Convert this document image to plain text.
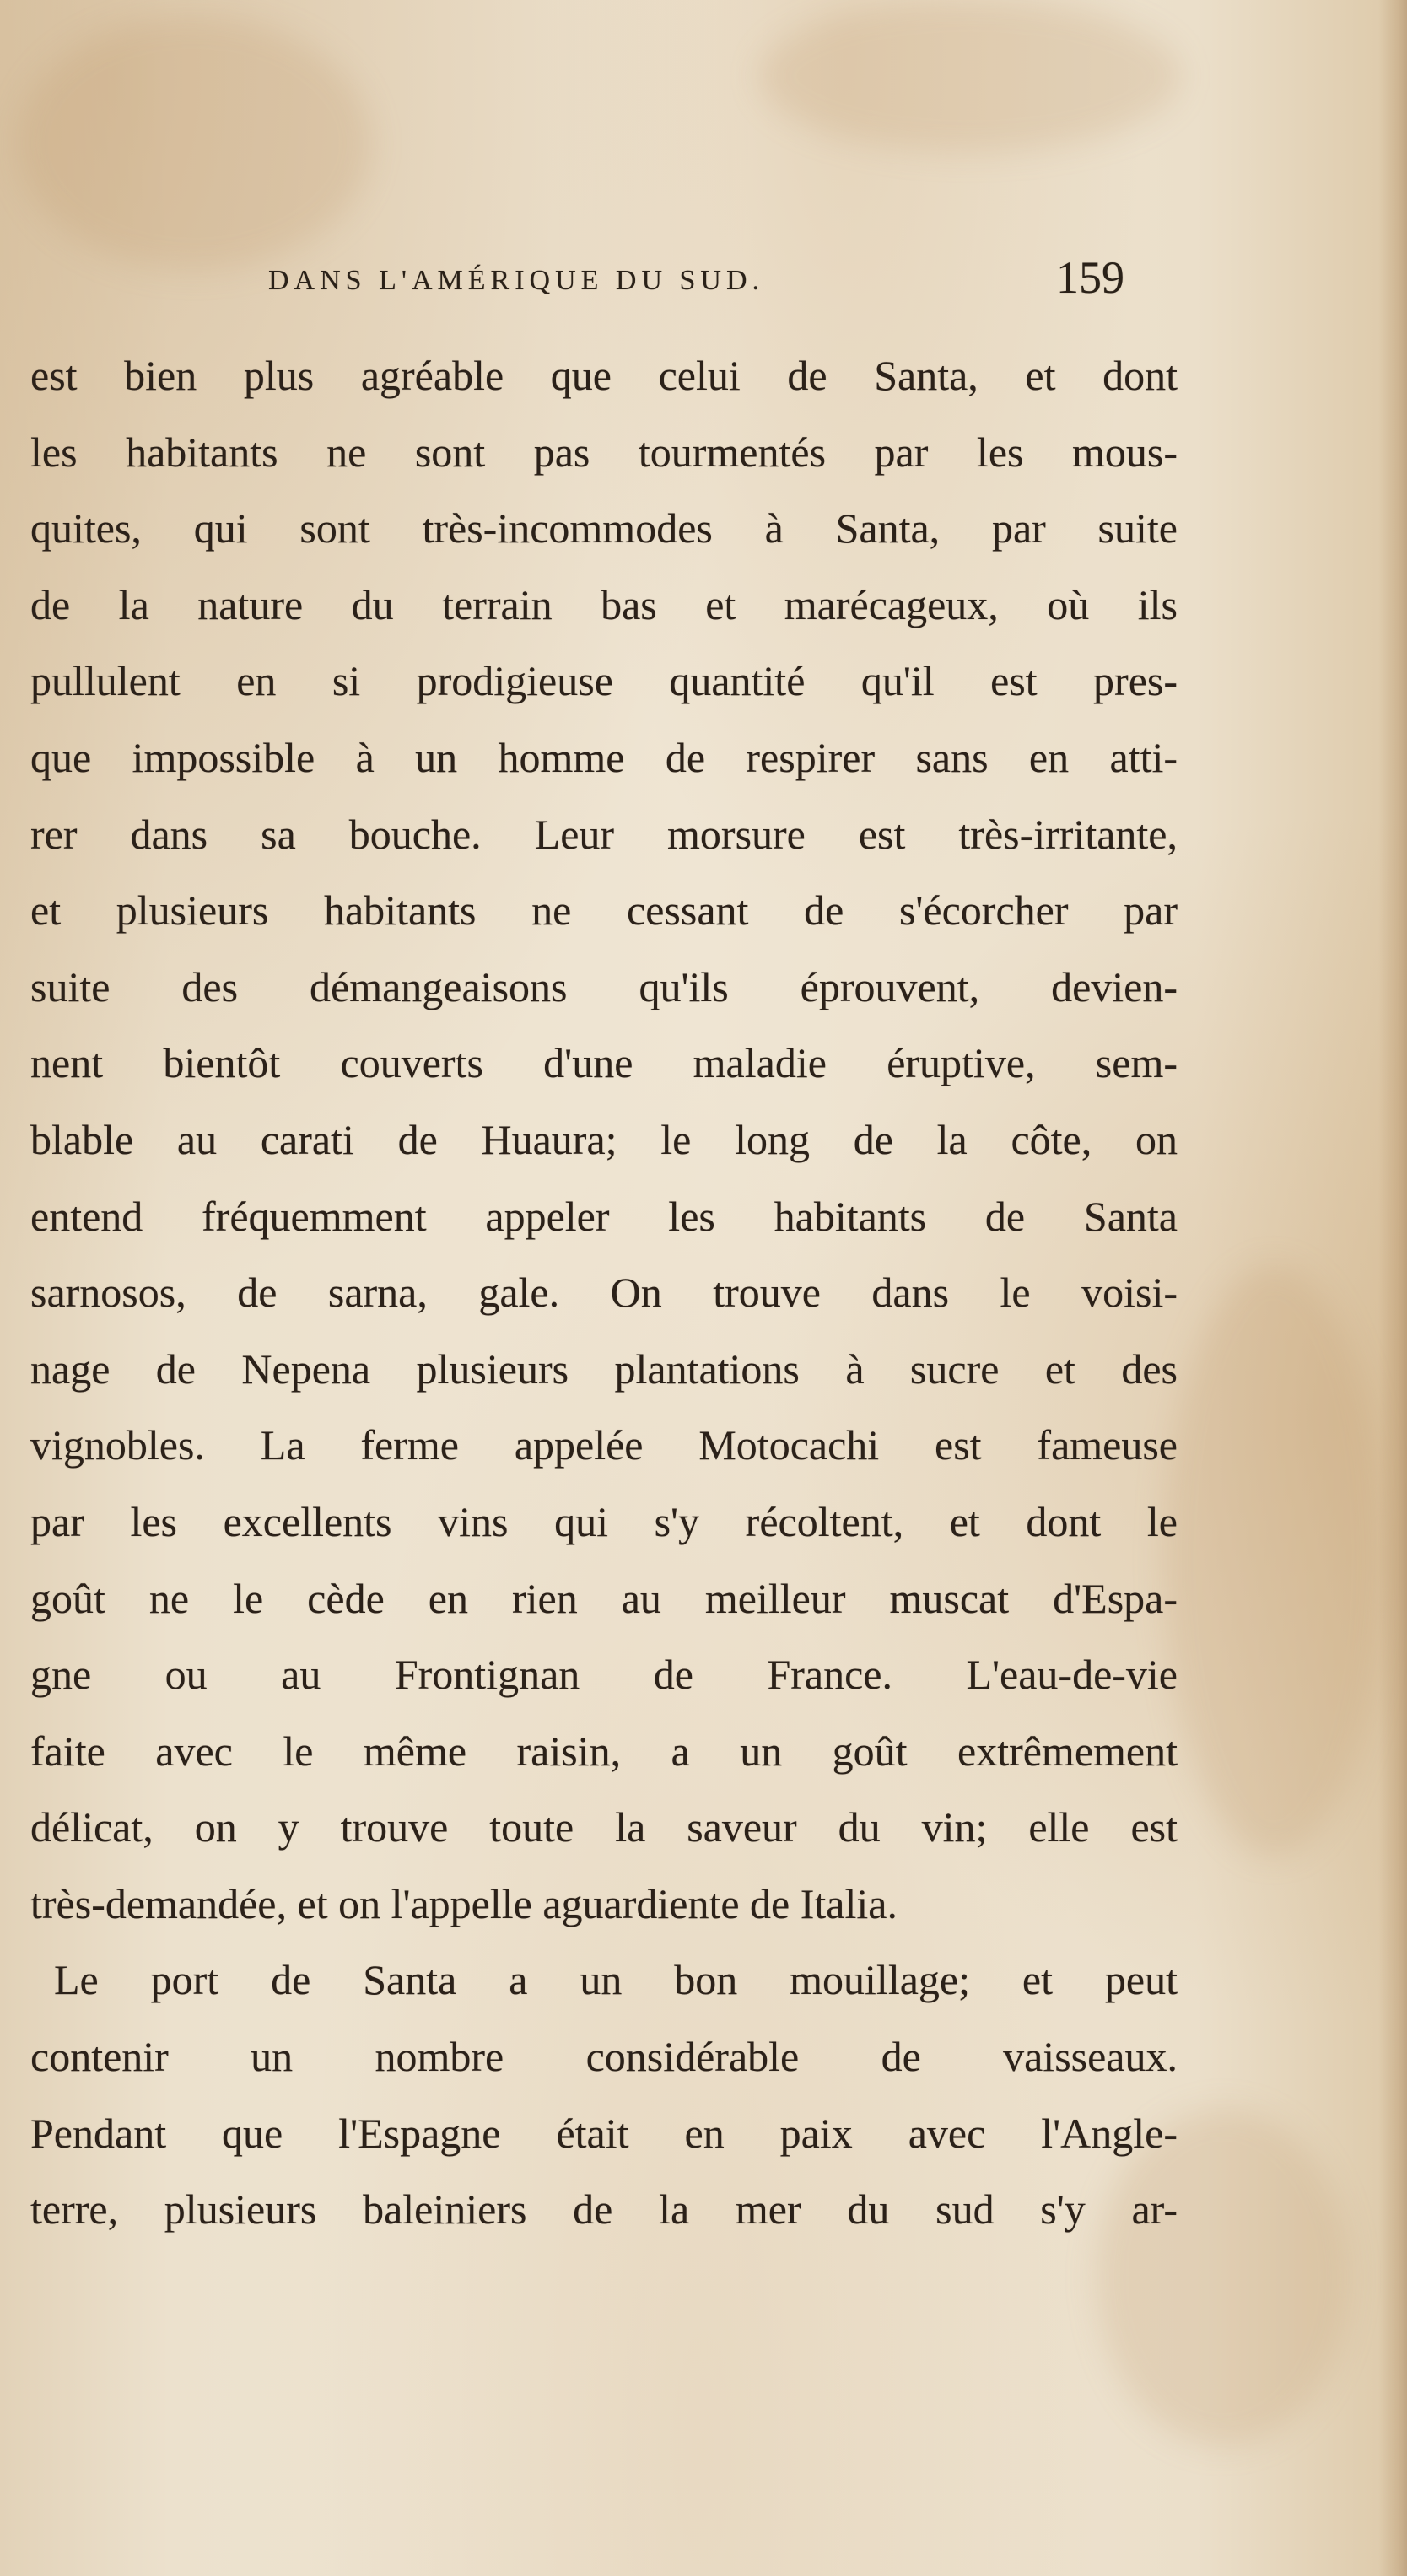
DANS L'AMÉRIQUE DU SUD.	159
est bien plus agréable que celui de Santa, et dont
les habitants ne sont pas tourmentés par les mous-
quites, qui sont très-incommodes à Santa, par suite
de la nature du terrain bas et marécageux, où ils
pullulent en si prodigieuse quantité qu'il est pres-
que impossible à un homme de respirer sans en atti-
rer dans sa bouche. Leur morsure est très-irritante,
et plusieurs habitants ne cessant de s'écorcher par
suite des démangeaisons qu'ils éprouvent, devien-
nent bientôt couverts d'une maladie éruptive, sem-
blable au carati de Huaura; le long de la côte, on
entend fréquemment appeler les habitants de Santa
sarnosos, de sarna, gale. On trouve dans le voisi-
nage de Nepena plusieurs plantations à sucre et des
vignobles. La ferme appelée Motocachi est fameuse
par les excellents vins qui s'y récoltent, et dont le
goût ne le cède en rien au meilleur muscat d'Espa-
gne ou au Frontignan de France. L'eau-de-vie
faite avec le même raisin, a un goût extrêmement
délicat, on y trouve toute la saveur du vin; elle est
très-demandée, et on l'appelle aguardiente de Italia.
Le port de Santa a un bon mouillage; et peut
contenir un nombre considérable de vaisseaux.
Pendant que l'Espagne était en paix avec l'Angle-
terre, plusieurs baleiniers de la mer du sud s'y ar-
